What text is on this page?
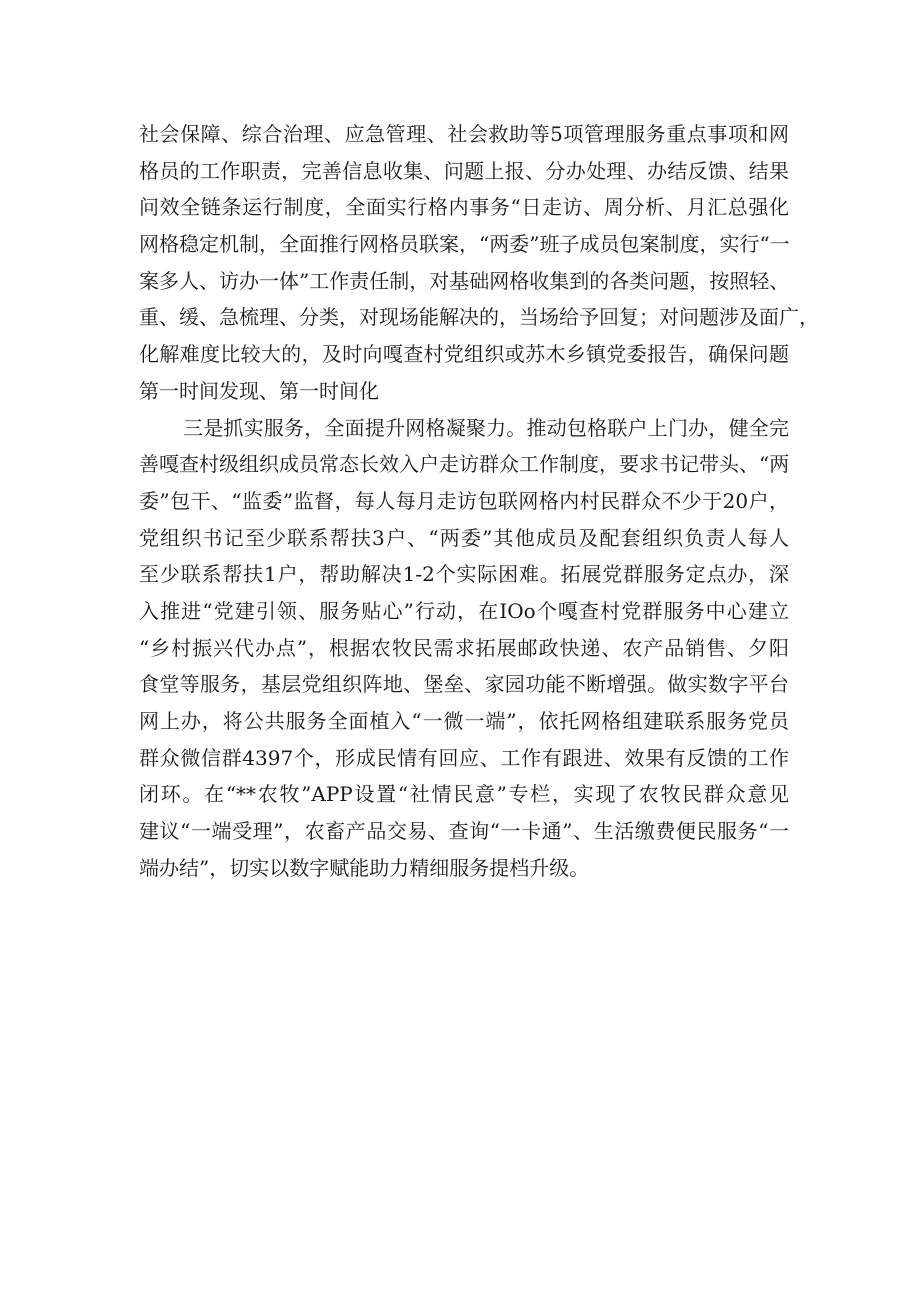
社会保障、综合治理、应急管理、社会救助等5项管理服务重点事项和网
格员的工作职责，完善信息收集、问题上报、分办处理、办结反馈、结果
问效全链条运行制度，全面实行格内事务“日走访、周分析、月汇总强化
网格稳定机制，全面推行网格员联案，“两委”班子成员包案制度，实行“一
案多人、访办一体”工作责任制，对基础网格收集到的各类问题，按照轻、
重、缓、急梳理、分类，对现场能解决的，当场给予回复；对问题涉及面广，
化解难度比较大的，及时向嘎查村党组织或苏木乡镇党委报告，确保问题
第一时间发现、第一时间化
三是抓实服务，全面提升网格凝聚力。推动包格联户上门办，健全完
善嘎查村级组织成员常态长效入户走访群众工作制度，要求书记带头、“两
委”包干、“监委”监督，每人每月走访包联网格内村民群众不少于20户，
党组织书记至少联系帮扶3户、“两委”其他成员及配套组织负责人每人
至少联系帮扶1户，帮助解决1-2个实际困难。拓展党群服务定点办，深
入推进“党建引领、服务贴心”行动，在IOo个嘎查村党群服务中心建立
“乡村振兴代办点”，根据农牧民需求拓展邮政快递、农产品销售、夕阳
食堂等服务，基层党组织阵地、堡垒、家园功能不断增强。做实数字平台
网上办，将公共服务全面植入“一微一端”，依托网格组建联系服务党员
群众微信群4397个，形成民情有回应、工作有跟进、效果有反馈的工作
闭环。在“**农牧”APP设置“社情民意”专栏，实现了农牧民群众意见
建议“一端受理”，农畜产品交易、查询“一卡通”、生活缴费便民服务“一
端办结”，切实以数字赋能助力精细服务提档升级。
